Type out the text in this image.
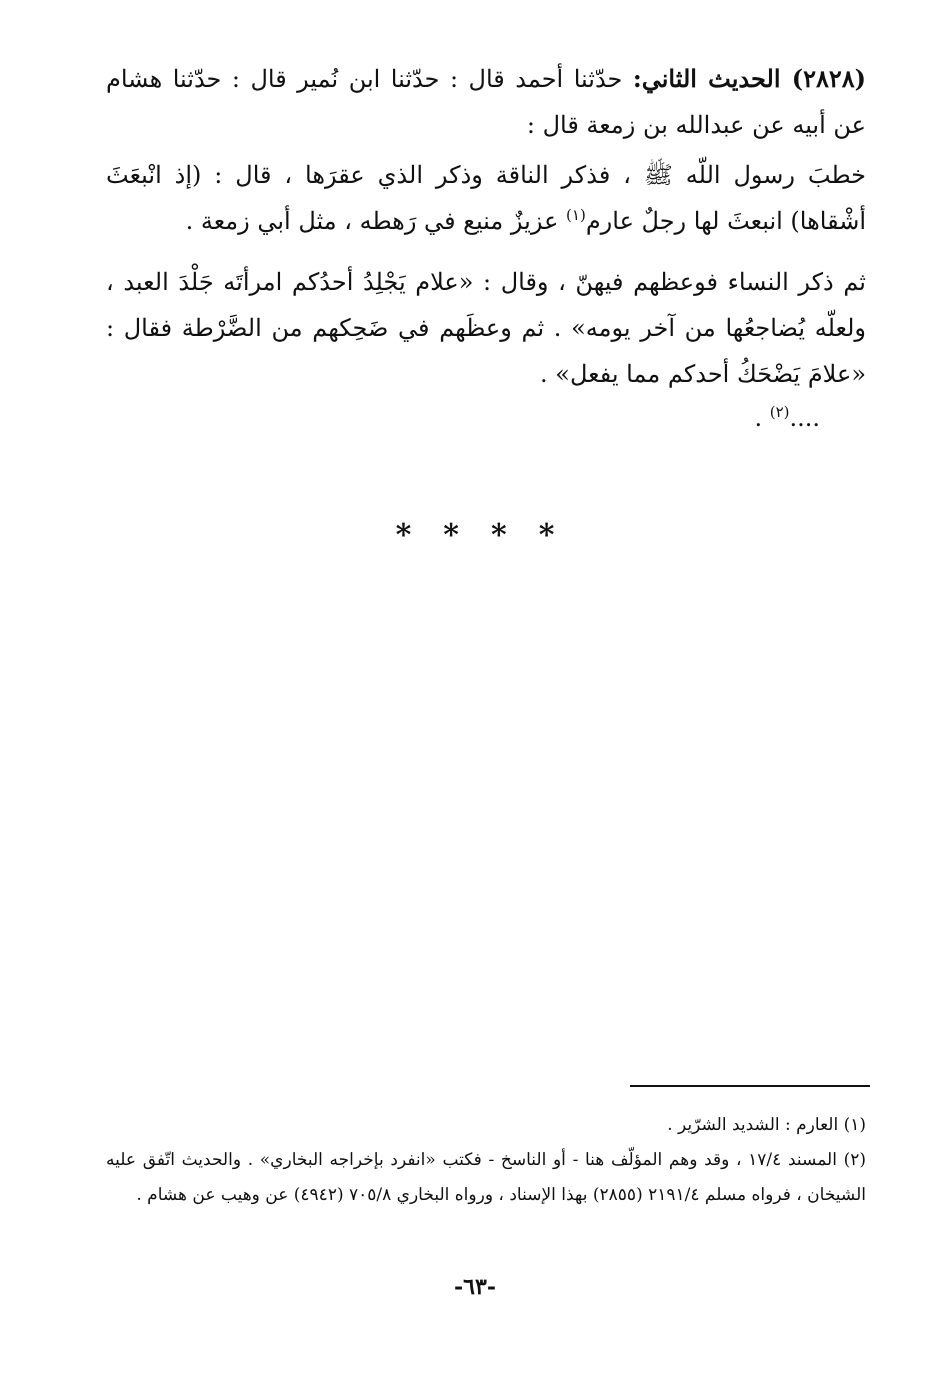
(٢٨٢٨) الحديث الثاني: حدّثنا أحمد قال : حدّثنا ابن نُمير قال : حدّثنا هشام عن أبيه عن عبدالله بن زمعة قال :

خطبَ رسول اللّه ﷺ ، فذكر الناقة وذكر الذي عقرَها ، قال : (إذ انْبعَثَ أشْقاها) انبعثَ لها رجلٌ عارم$^{(١)}$ عزيزٌ منيع في رَهطه ، مثل أبي زمعة .

ثم ذكر النساء فوعظهم فيهنّ ، وقال : «علام يَجْلِدُ أحدُكم امرأتَه جَلْدَ العبد ، ولعلّه يُضاجعُها من آخر يومه» . ثم وعظَهم في ضَحِكهم من الضَّرْطة فقال : «علامَ يَضْحَكُ أحدكم مما يفعل» .

....$^{(٢)}$ .
* * * *

(١) العارم : الشديد الشرّير .

(٢) المسند ١٧/٤ ، وقد وهم المؤلّف هنا - أو الناسخ - فكتب «انفرد بإخراجه البخاري» . والحديث اتّفق عليه الشيخان ، فرواه مسلم ٢١٩١/٤ (٢٨٥٥) بهذا الإسناد ، ورواه البخاري ٧٠٥/٨ (٤٩٤٢) عن وهيب عن هشام .

-٦٣-
